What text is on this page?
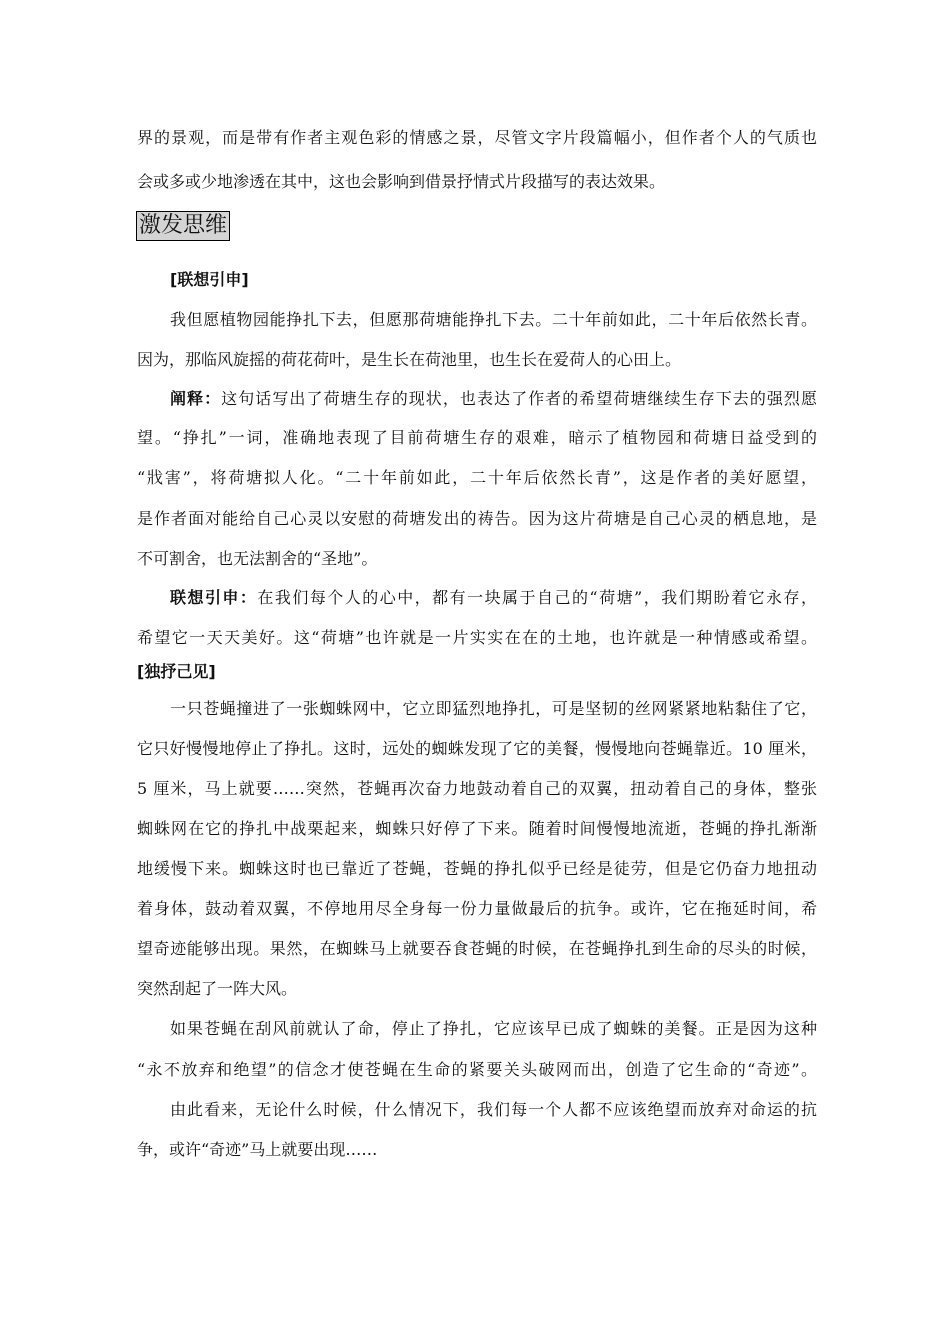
界的景观，而是带有作者主观色彩的情感之景，尽管文字片段篇幅小，但作者个人的气质也
会或多或少地渗透在其中，这也会影响到借景抒情式片段描写的表达效果。
激发思维
[联想引申]
我但愿植物园能挣扎下去，但愿那荷塘能挣扎下去。二十年前如此，二十年后依然长青。
因为，那临风旋摇的荷花荷叶，是生长在荷池里，也生长在爱荷人的心田上。
阐释：这句话写出了荷塘生存的现状，也表达了作者的希望荷塘继续生存下去的强烈愿
望。“挣扎”一词，准确地表现了目前荷塘生存的艰难，暗示了植物园和荷塘日益受到的
“戕害”，将荷塘拟人化。“二十年前如此，二十年后依然长青”，这是作者的美好愿望，
是作者面对能给自己心灵以安慰的荷塘发出的祷告。因为这片荷塘是自己心灵的栖息地，是
不可割舍，也无法割舍的“圣地”。
联想引申：在我们每个人的心中，都有一块属于自己的“荷塘”，我们期盼着它永存，
希望它一天天美好。这“荷塘”也许就是一片实实在在的土地，也许就是一种情感或希望。
[独抒己见]
一只苍蝇撞进了一张蜘蛛网中，它立即猛烈地挣扎，可是坚韧的丝网紧紧地粘黏住了它，
它只好慢慢地停止了挣扎。这时，远处的蜘蛛发现了它的美餐，慢慢地向苍蝇靠近。10 厘米，
5 厘米，马上就要……突然，苍蝇再次奋力地鼓动着自己的双翼，扭动着自己的身体，整张
蜘蛛网在它的挣扎中战栗起来，蜘蛛只好停了下来。随着时间慢慢地流逝，苍蝇的挣扎渐渐
地缓慢下来。蜘蛛这时也已靠近了苍蝇，苍蝇的挣扎似乎已经是徒劳，但是它仍奋力地扭动
着身体，鼓动着双翼，不停地用尽全身每一份力量做最后的抗争。或许，它在拖延时间，希
望奇迹能够出现。果然，在蜘蛛马上就要吞食苍蝇的时候，在苍蝇挣扎到生命的尽头的时候，
突然刮起了一阵大风。
如果苍蝇在刮风前就认了命，停止了挣扎，它应该早已成了蜘蛛的美餐。正是因为这种
“永不放弃和绝望”的信念才使苍蝇在生命的紧要关头破网而出，创造了它生命的“奇迹”。
由此看来，无论什么时候，什么情况下，我们每一个人都不应该绝望而放弃对命运的抗
争，或许“奇迹”马上就要出现……
